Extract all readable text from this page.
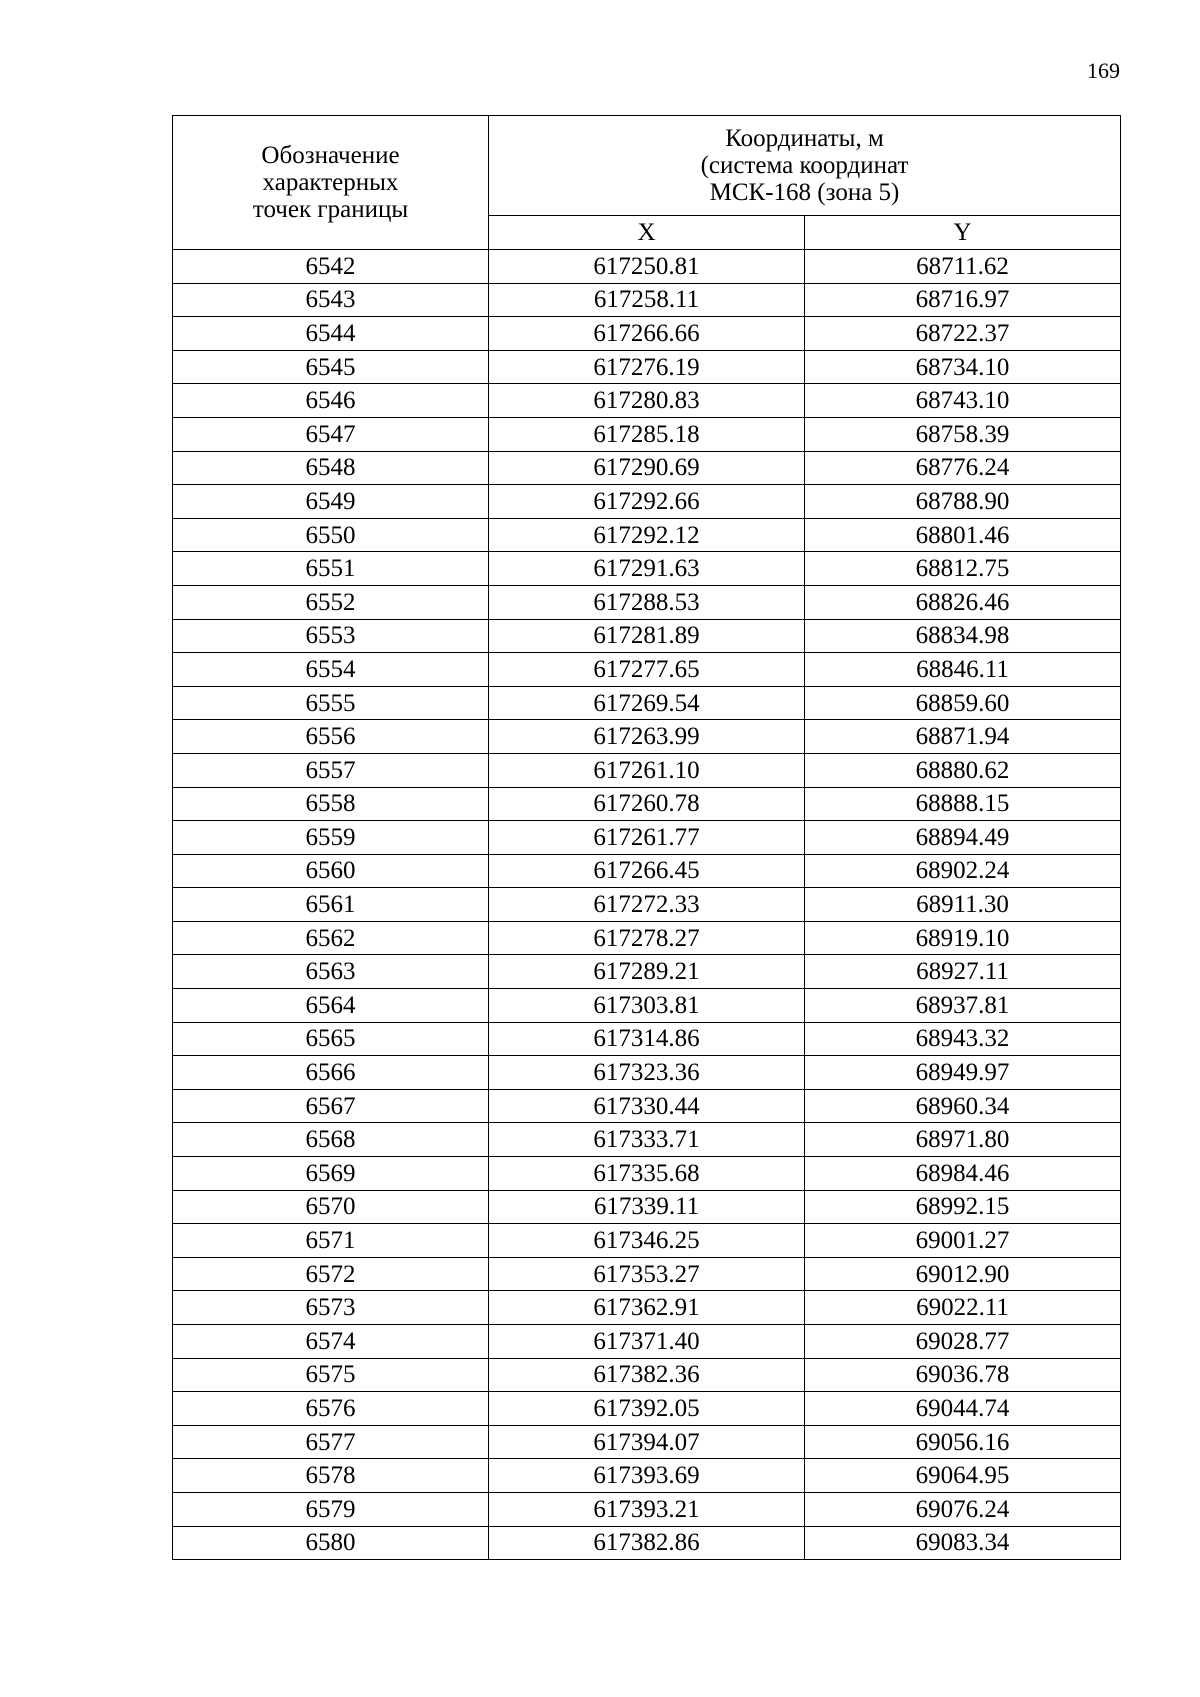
169
Обозначение
характерных
точек границы	Координаты, м
(система координат
МСК-168 (зона 5)	

	X	Y
6542	617250.81	68711.62
6543	617258.11	68716.97
6544	617266.66	68722.37
6545	617276.19	68734.10
6546	617280.83	68743.10
6547	617285.18	68758.39
6548	617290.69	68776.24
6549	617292.66	68788.90
6550	617292.12	68801.46
6551	617291.63	68812.75
6552	617288.53	68826.46
6553	617281.89	68834.98
6554	617277.65	68846.11
6555	617269.54	68859.60
6556	617263.99	68871.94
6557	617261.10	68880.62
6558	617260.78	68888.15
6559	617261.77	68894.49
6560	617266.45	68902.24
6561	617272.33	68911.30
6562	617278.27	68919.10
6563	617289.21	68927.11
6564	617303.81	68937.81
6565	617314.86	68943.32
6566	617323.36	68949.97
6567	617330.44	68960.34
6568	617333.71	68971.80
6569	617335.68	68984.46
6570	617339.11	68992.15
6571	617346.25	69001.27
6572	617353.27	69012.90
6573	617362.91	69022.11
6574	617371.40	69028.77
6575	617382.36	69036.78
6576	617392.05	69044.74
6577	617394.07	69056.16
6578	617393.69	69064.95
6579	617393.21	69076.24
6580	617382.86	69083.34
